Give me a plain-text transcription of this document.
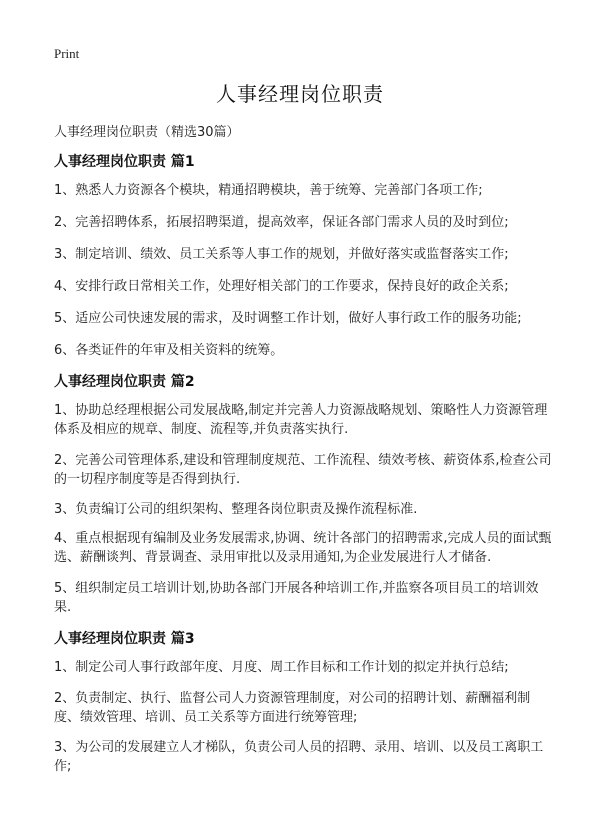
Print
人事经理岗位职责
人事经理岗位职责（精选30篇）
人事经理岗位职责 篇1

1、熟悉人力资源各个模块，精通招聘模块，善于统筹、完善部门各项工作;

2、完善招聘体系，拓展招聘渠道，提高效率，保证各部门需求人员的及时到位;

3、制定培训、绩效、员工关系等人事工作的规划，并做好落实或监督落实工作;

4、安排行政日常相关工作，处理好相关部门的工作要求，保持良好的政企关系;

5、适应公司快速发展的需求，及时调整工作计划，做好人事行政工作的服务功能;

6、各类证件的年审及相关资料的统筹。

人事经理岗位职责 篇2

1、协助总经理根据公司发展战略,制定并完善人力资源战略规划、策略性人力资源管理体系及相应的规章、制度、流程等,并负责落实执行.

2、完善公司管理体系,建设和管理制度规范、工作流程、绩效考核、薪资体系,检查公司的一切程序制度等是否得到执行.

3、负责编订公司的组织架构、整理各岗位职责及操作流程标准.

4、重点根据现有编制及业务发展需求,协调、统计各部门的招聘需求,完成人员的面试甄选、薪酬谈判、背景调查、录用审批以及录用通知,为企业发展进行人才储备.

5、组织制定员工培训计划,协助各部门开展各种培训工作,并监察各项目员工的培训效果.

人事经理岗位职责 篇3

1、制定公司人事行政部年度、月度、周工作目标和工作计划的拟定并执行总结;

2、负责制定、执行、监督公司人力资源管理制度，对公司的招聘计划、薪酬福利制度、绩效管理、培训、员工关系等方面进行统筹管理;

3、为公司的发展建立人才梯队，负责公司人员的招聘、录用、培训、以及员工离职工作;
